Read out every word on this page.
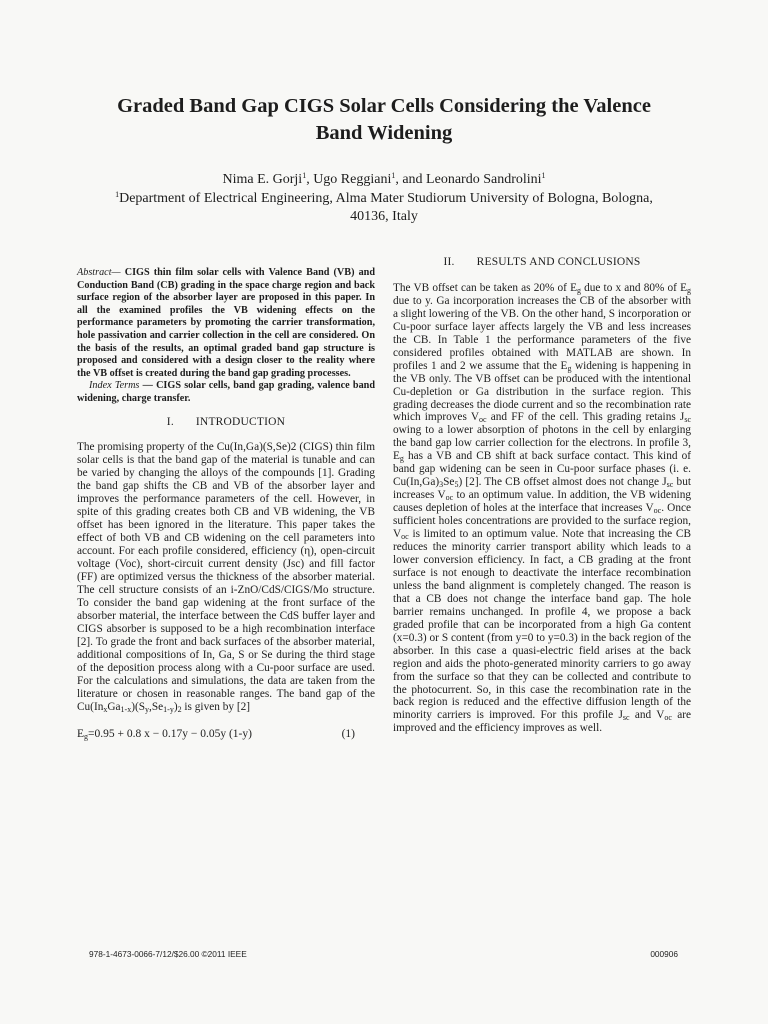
Graded Band Gap CIGS Solar Cells Considering the Valence
Band Widening
Nima E. Gorji$^1$, Ugo Reggiani$^1$, and Leonardo Sandrolini$^1$
$^1$Department of Electrical Engineering, Alma Mater Studiorum University of Bologna, Bologna,
40136, Italy

Abstract— CIGS thin film solar cells with Valence Band (VB) and Conduction Band (CB) grading in the space charge region and back surface region of the absorber layer are proposed in this paper. In all the examined profiles the VB widening effects on the performance parameters by promoting the carrier transformation, hole passivation and carrier collection in the cell are considered. On the basis of the results, an optimal graded band gap structure is proposed and considered with a design closer to the reality where the VB offset is created during the band gap grading processes.

Index Terms — CIGS solar cells, band gap grading, valence band widening, charge transfer.

I. INTRODUCTION

The promising property of the Cu(In,Ga)(S,Se)2 (CIGS) thin film solar cells is that the band gap of the material is tunable and can be varied by changing the alloys of the compounds [1]. Grading the band gap shifts the CB and VB of the absorber layer and improves the performance parameters of the cell. However, in spite of this grading creates both CB and VB widening, the VB offset has been ignored in the literature. This paper takes the effect of both VB and CB widening on the cell parameters into account. For each profile considered, efficiency (η), open-circuit voltage (Voc), short-circuit current density (Jsc) and fill factor (FF) are optimized versus the thickness of the absorber material. The cell structure consists of an i-ZnO/CdS/CIGS/Mo structure. To consider the band gap widening at the front surface of the absorber material, the interface between the CdS buffer layer and CIGS absorber is supposed to be a high recombination interface [2]. To grade the front and back surfaces of the absorber material, additional compositions of In, Ga, S or Se during the third stage of the deposition process along with a Cu-poor surface are used. For the calculations and simulations, the data are taken from the literature or chosen in reasonable ranges. The band gap of the $Cu(In_xGa_{1-x})(S_y,Se_{1-y})_2$ is given by [2]

$E_g=0.95 + 0.8$ x − 0.17y − 0.05y (1-y)	(1)
II. RESULTS AND CONCLUSIONS

The VB offset can be taken as 20% of $E_g$ due to x and 80% of $E_g$ due to y. Ga incorporation increases the CB of the absorber with a slight lowering of the VB. On the other hand, S incorporation or Cu-poor surface layer affects largely the VB and less increases the CB. In Table 1 the performance parameters of the five considered profiles obtained with MATLAB are shown. In profiles 1 and 2 we assume that the $E_g$ widening is happening in the VB only. The VB offset can be produced with the intentional Cu-depletion or Ga distribution in the surface region. This grading decreases the diode current and so the recombination rate which improves $V_{oc}$ and FF of the cell. This grading retains $J_{sc}$ owing to a lower absorption of photons in the cell by enlarging the band gap low carrier collection for the electrons. In profile 3, $E_g$ has a VB and CB shift at back surface contact. This kind of band gap widening can be seen in Cu-poor surface phases (i. e. $Cu(In,Ga)_3Se_5$) [2]. The CB offset almost does not change $J_{sc}$ but increases $V_{oc}$ to an optimum value. In addition, the VB widening causes depletion of holes at the interface that increases $V_{oc}$. Once sufficient holes concentrations are provided to the surface region, $V_{oc}$ is limited to an optimum value. Note that increasing the CB reduces the minority carrier transport ability which leads to a lower conversion efficiency. In fact, a CB grading at the front surface is not enough to deactivate the interface recombination unless the band alignment is completely changed. The reason is that a CB does not change the interface band gap. The hole barrier remains unchanged. In profile 4, we propose a back graded profile that can be incorporated from a high Ga content (x=0.3) or S content (from y=0 to y=0.3) in the back region of the absorber. In this case a quasi-electric field arises at the back region and aids the photo-generated minority carriers to go away from the surface so that they can be collected and contribute to the photocurrent. So, in this case the recombination rate in the back region is reduced and the effective diffusion length of the minority carriers is improved. For this profile $J_{sc}$ and $V_{oc}$ are improved and the efficiency improves as well.

978-1-4673-0066-7/12/$26.00 ©2011 IEEE	000906
